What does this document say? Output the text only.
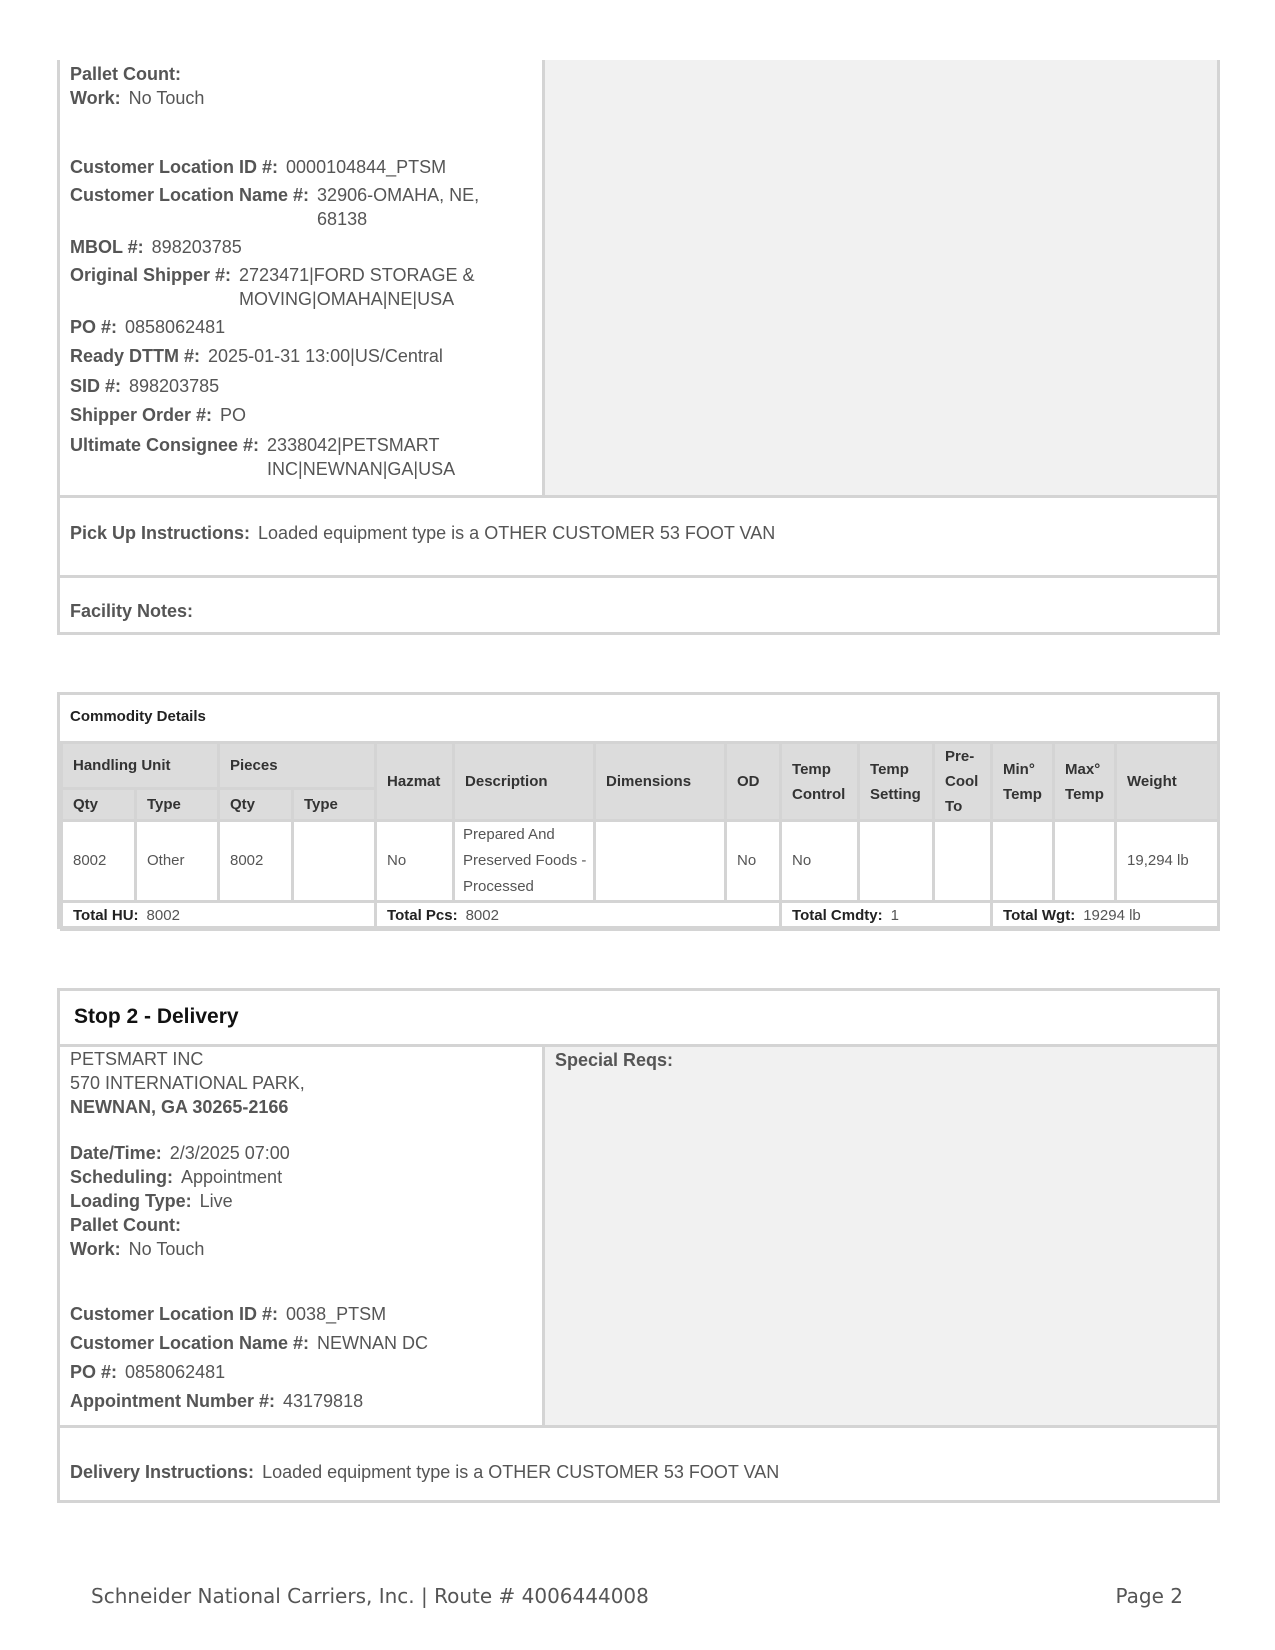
Pallet Count:
Work: No Touch
Customer Location ID #: 0000104844_PTSM
Customer Location Name #: 32906-OMAHA, NE, 68138
MBOL #: 898203785
Original Shipper #: 2723471|FORD STORAGE & MOVING|OMAHA|NE|USA
PO #: 0858062481
Ready DTTM #: 2025-01-31 13:00|US/Central
SID #: 898203785
Shipper Order #: PO
Ultimate Consignee #: 2338042|PETSMART INC|NEWNAN|GA|USA
Pick Up Instructions: Loaded equipment type is a OTHER CUSTOMER 53 FOOT VAN
Facility Notes:
Commodity Details
Handling Unit		Pieces		Hazmat	Description	Dimensions	OD	Temp Control	Temp Setting	Pre-Cool To	Min° Temp	Max° Temp	Weight
Qty	Type	Qty	Type										
8002	Other	8002		No	Prepared And Preserved Foods - Processed		No	No					19,294 lb
Total HU: 8002				Total Pcs: 8002				Total Cmdty: 1			Total Wgt: 19294 lb		
Stop 2 - Delivery
PETSMART INC
570 INTERNATIONAL PARK,
NEWNAN, GA 30265-2166
Date/Time: 2/3/2025 07:00
Scheduling: Appointment
Loading Type: Live
Pallet Count:
Work: No Touch
Customer Location ID #: 0038_PTSM
Customer Location Name #: NEWNAN DC
PO #: 0858062481
Appointment Number #: 43179818
Special Reqs:
Delivery Instructions: Loaded equipment type is a OTHER CUSTOMER 53 FOOT VAN
Schneider National Carriers, Inc. | Route # 4006444008	Page 2
